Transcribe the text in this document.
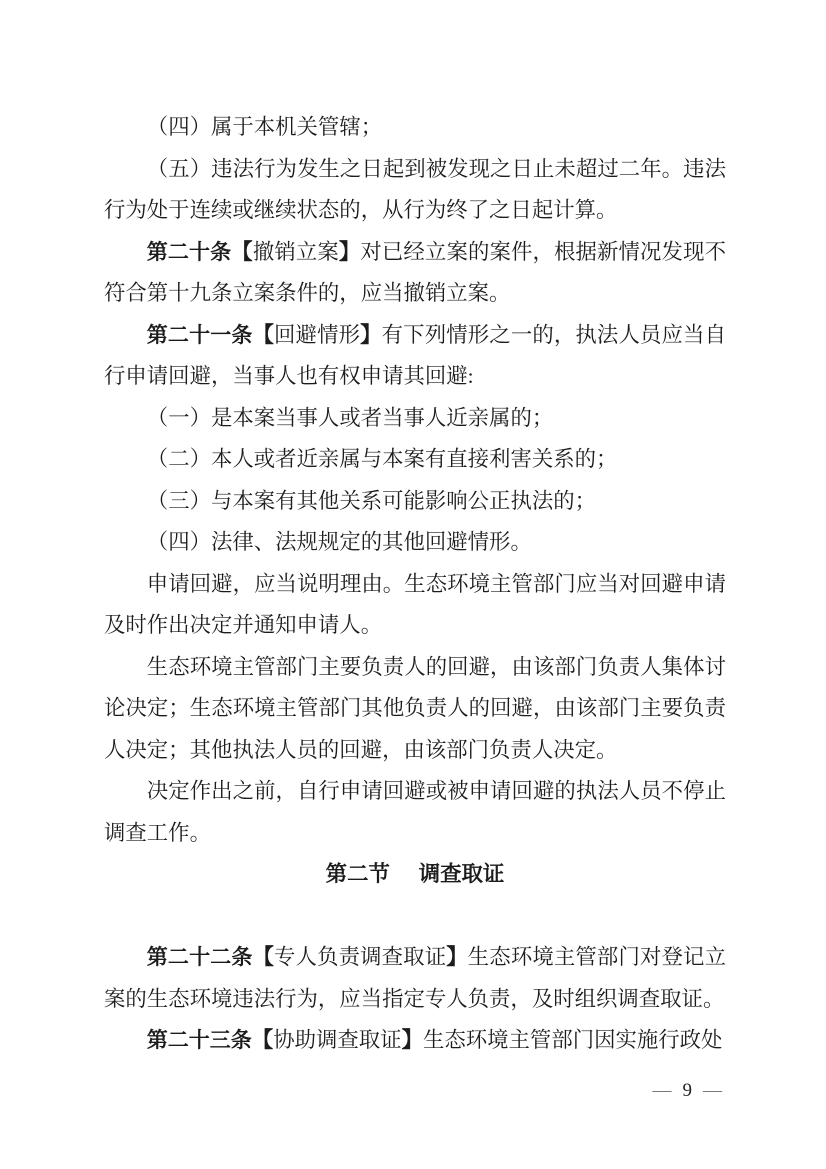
（四）属于本机关管辖；

（五）违法行为发生之日起到被发现之日止未超过二年。违法行为处于连续或继续状态的，从行为终了之日起计算。

第二十条【撤销立案】对已经立案的案件，根据新情况发现不符合第十九条立案条件的，应当撤销立案。

第二十一条【回避情形】有下列情形之一的，执法人员应当自行申请回避，当事人也有权申请其回避:

（一）是本案当事人或者当事人近亲属的；

（二）本人或者近亲属与本案有直接利害关系的；

（三）与本案有其他关系可能影响公正执法的；

（四）法律、法规规定的其他回避情形。

申请回避，应当说明理由。生态环境主管部门应当对回避申请及时作出决定并通知申请人。

生态环境主管部门主要负责人的回避，由该部门负责人集体讨论决定；生态环境主管部门其他负责人的回避，由该部门主要负责人决定；其他执法人员的回避，由该部门负责人决定。

决定作出之前，自行申请回避或被申请回避的执法人员不停止调查工作。

第二节 调查取证

第二十二条【专人负责调查取证】生态环境主管部门对登记立案的生态环境违法行为，应当指定专人负责，及时组织调查取证。

第二十三条【协助调查取证】生态环境主管部门因实施行政处

— 9 —
